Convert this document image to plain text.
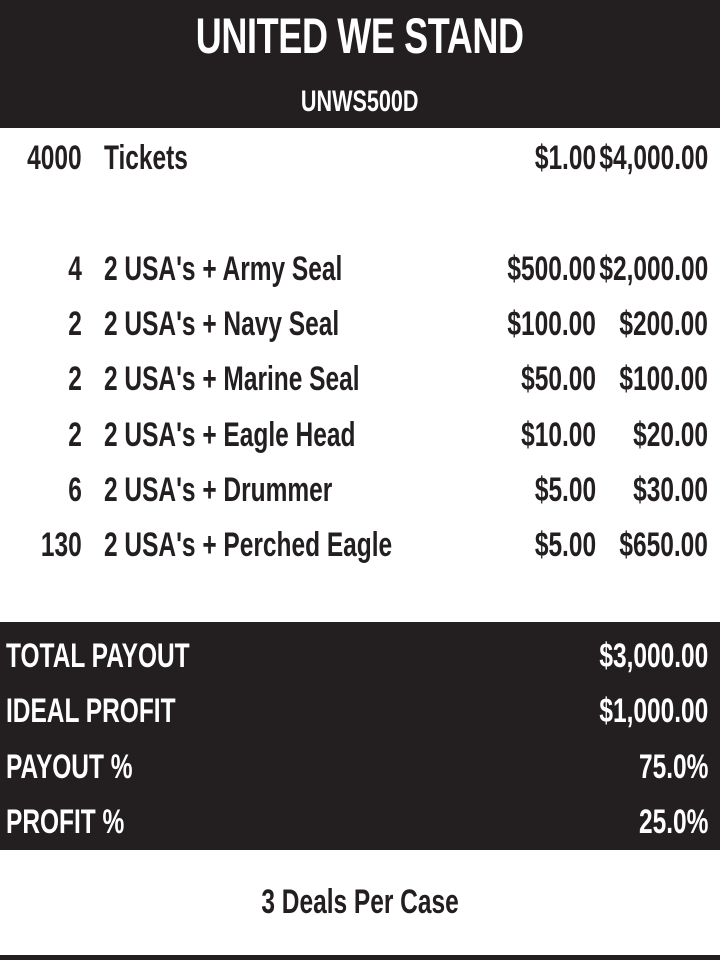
UNITED WE STAND
UNWS500D
4000 Tickets	$1.00 $4,000.00
4 2 USA's + Army Seal	$500.00 $2,000.00
2 2 USA's + Navy Seal	$100.00 $200.00
2 2 USA's + Marine Seal	$50.00 $100.00
2 2 USA's + Eagle Head	$10.00 $20.00
6 2 USA's + Drummer	$5.00 $30.00
130 2 USA's + Perched Eagle	$5.00 $650.00
TOTAL PAYOUT	$3,000.00
IDEAL PROFIT	$1,000.00
PAYOUT %	75.0%
PROFIT %	25.0%
3 Deals Per Case
